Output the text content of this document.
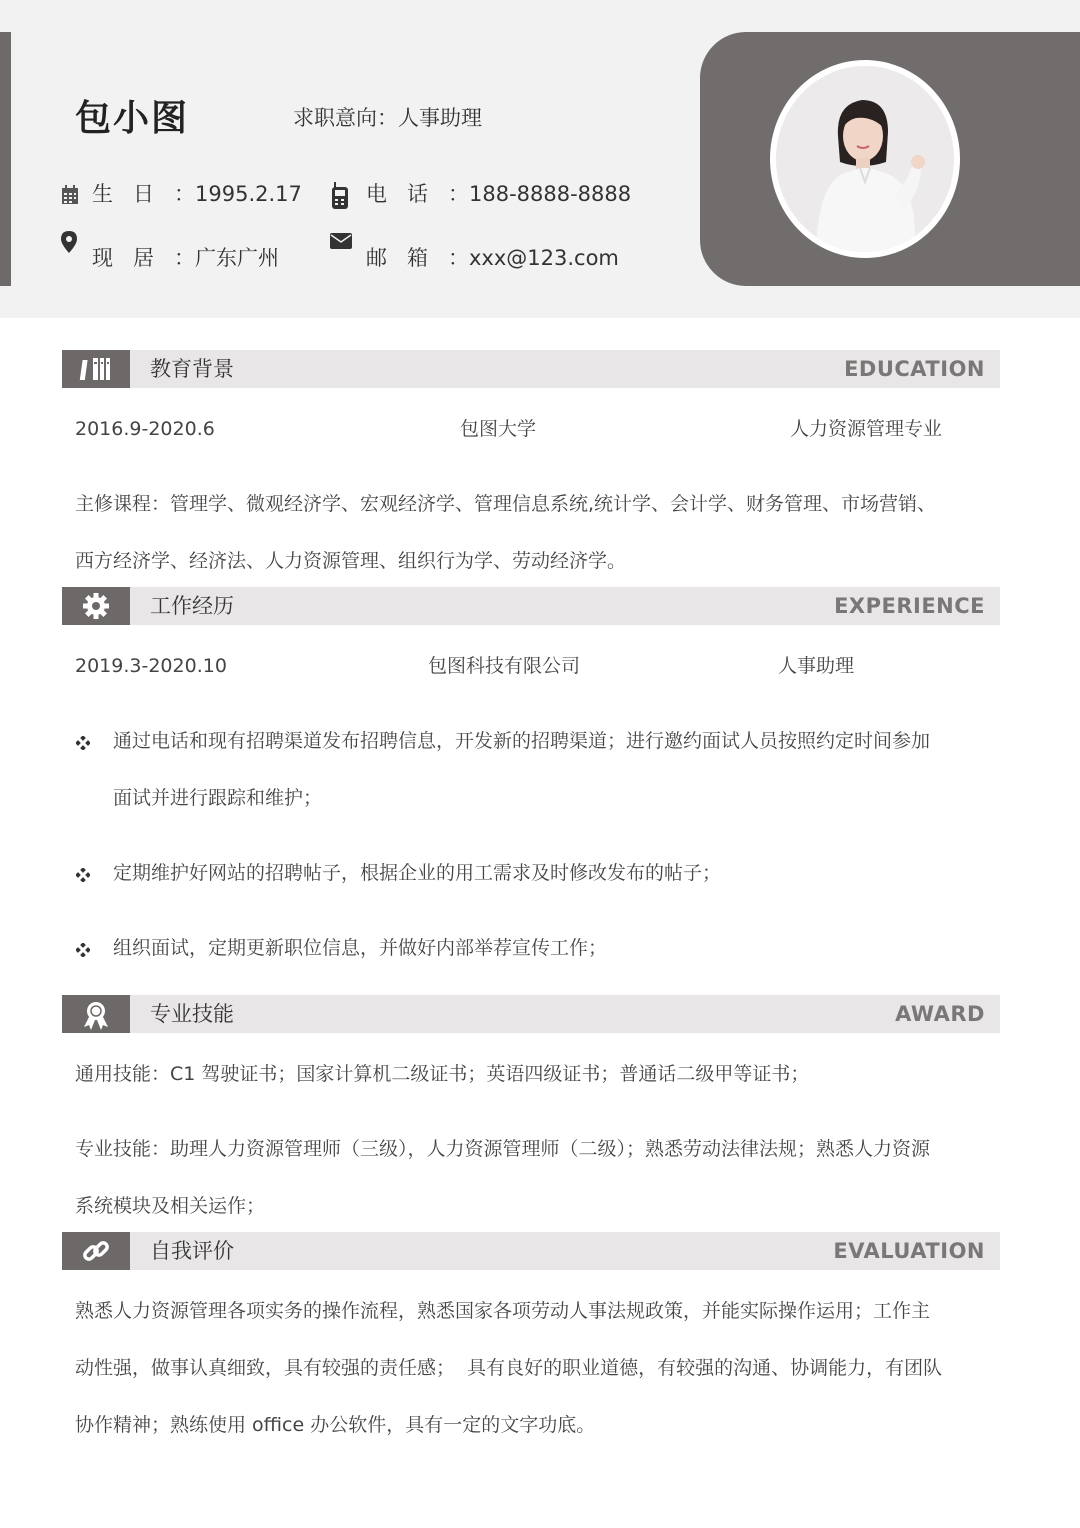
包小图	求职意向：人事助理
生日：1995.2.17
现居：广东广州
电话：188-8888-8888
邮箱：xxx@123.com
教育背景	EDUCATION
2016.9-2020.6	包图大学	人力资源管理专业
主修课程：管理学、微观经济学、宏观经济学、管理信息系统,统计学、会计学、财务管理、市场营销、
西方经济学、经济法、人力资源管理、组织行为学、劳动经济学。
工作经历	EXPERIENCE
2019.3-2020.10	包图科技有限公司	人事助理
通过电话和现有招聘渠道发布招聘信息，开发新的招聘渠道；进行邀约面试人员按照约定时间参加
面试并进行跟踪和维护；
定期维护好网站的招聘帖子，根据企业的用工需求及时修改发布的帖子；
组织面试，定期更新职位信息，并做好内部举荐宣传工作；
专业技能	AWARD
通用技能：C1 驾驶证书；国家计算机二级证书；英语四级证书；普通话二级甲等证书；
专业技能：助理人力资源管理师（三级），人力资源管理师（二级）；熟悉劳动法律法规；熟悉人力资源
系统模块及相关运作；
自我评价	EVALUATION
熟悉人力资源管理各项实务的操作流程，熟悉国家各项劳动人事法规政策，并能实际操作运用；工作主
动性强，做事认真细致，具有较强的责任感；  具有良好的职业道德，有较强的沟通、协调能力，有团队
协作精神；熟练使用 office 办公软件，具有一定的文字功底。
